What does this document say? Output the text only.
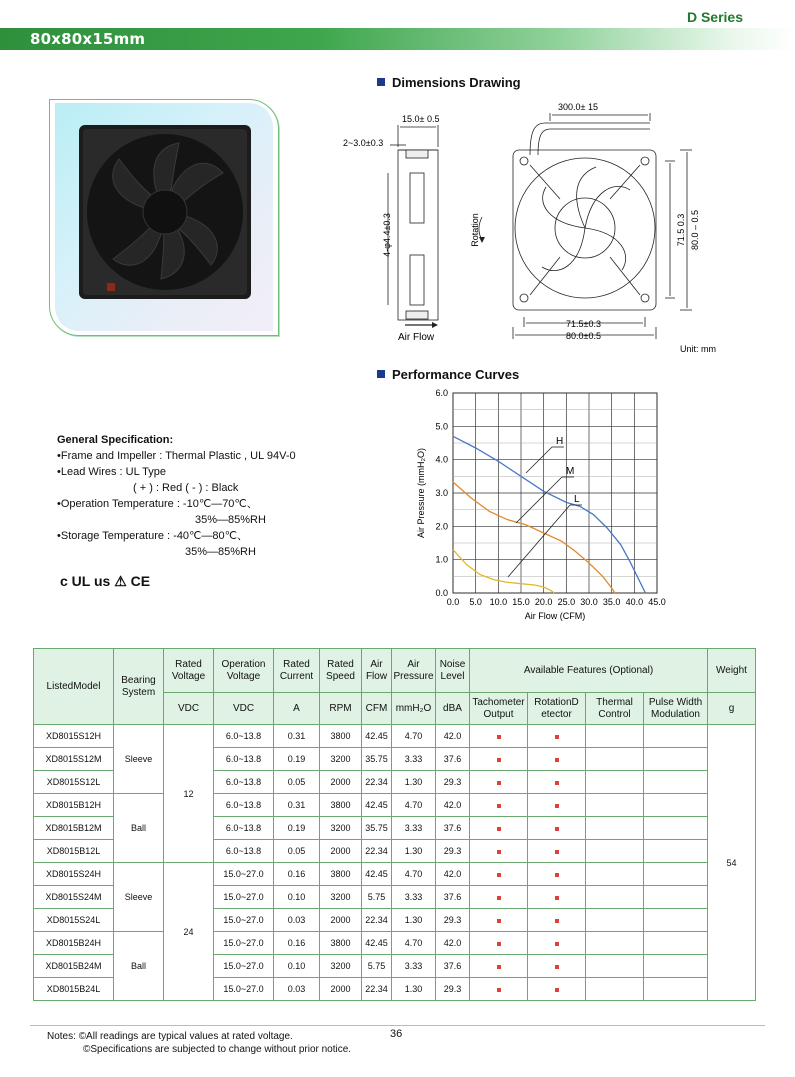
D Series
80x80x15mm
Dimensions Drawing
15.0± 0.5
2~3.0±0.3
4-φ4.4±0.3
Air Flow
300.0± 15
Rotation	71.5 0.3 80.0 – 0.5
71.5±0.3
80.0±0.5
Unit: mm
Performance Curves
0.0 5.0 10.0 15.0 20.0 25.0 30.0 35.0 40.0 45.0
0.0
1.0
2.0
3.0
4.0
5.0
6.0
H
M
L
Air Flow (CFM)
Air Pressure (mmH₂O)
General Specification:
•Frame and Impeller : Thermal Plastic , UL 94V-0
•Lead Wires : UL Type
( + ) : Red ( - ) : Black
•Operation Temperature : -10℃—70℃、
35%—85%RH
•Storage Temperature : -40℃—80℃、
35%—85%RH
c UL us ⚠ CE
ListedModel	Bearing System	Rated Voltage	Operation Voltage	Rated Current	Rated Speed	Air Flow	Air Pressure	Noise Level	Available Features (Optional)				Weight
		VDC	VDC	A	RPM	CFM	mmH₂O	dBA	Tachometer Output	RotationD etector	Thermal Control	Pulse Width Modulation	g
XD8015S12H	Sleeve	12	6.0~13.8	0.31	3800	42.45	4.70	42.0					54
XD8015S12M			6.0~13.8	0.19	3200	35.75	3.33	37.6					
XD8015S12L			6.0~13.8	0.05	2000	22.34	1.30	29.3					
XD8015B12H	Ball		6.0~13.8	0.31	3800	42.45	4.70	42.0					
XD8015B12M			6.0~13.8	0.19	3200	35.75	3.33	37.6					
XD8015B12L			6.0~13.8	0.05	2000	22.34	1.30	29.3					
XD8015S24H	Sleeve	24	15.0~27.0	0.16	3800	42.45	4.70	42.0					
XD8015S24M			15.0~27.0	0.10	3200	5.75	3.33	37.6					
XD8015S24L			15.0~27.0	0.03	2000	22.34	1.30	29.3					
XD8015B24H	Ball		15.0~27.0	0.16	3800	42.45	4.70	42.0					
XD8015B24M			15.0~27.0	0.10	3200	5.75	3.33	37.6					
XD8015B24L			15.0~27.0	0.03	2000	22.34	1.30	29.3					
Notes: ©All readings are typical values at rated voltage.
©Specifications are subjected to change without prior notice.
36
